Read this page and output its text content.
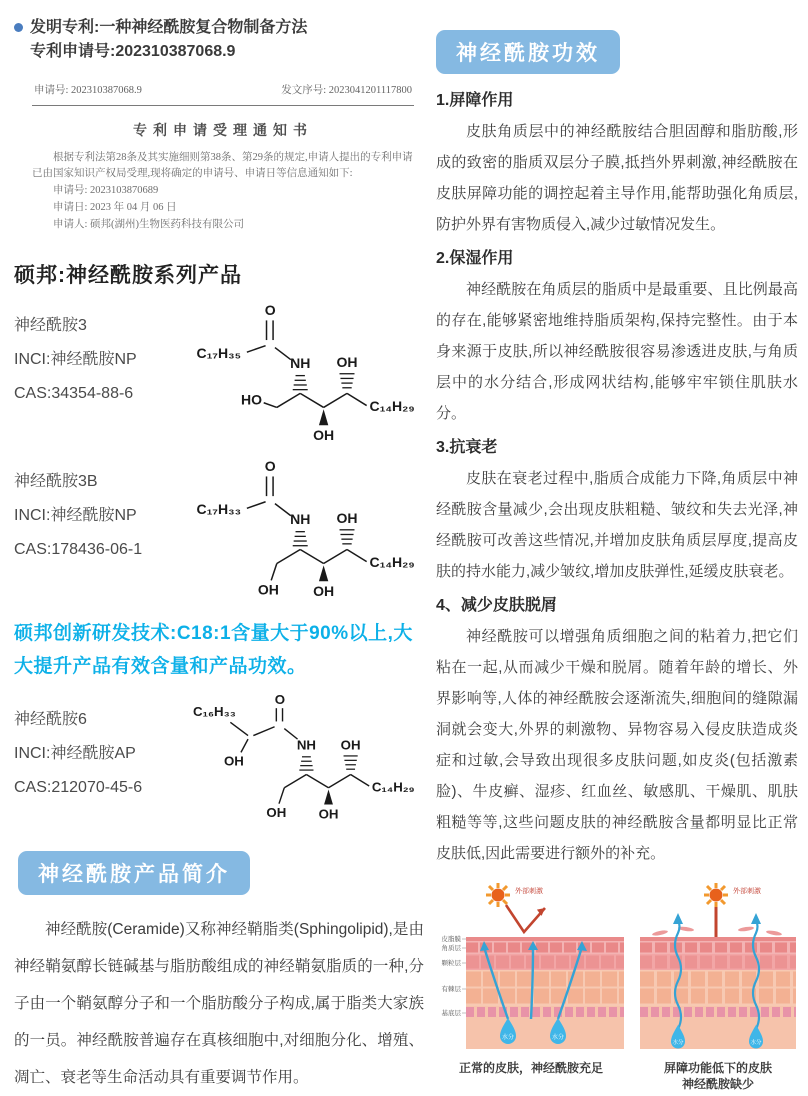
发明专利:一种神经酰胺复合物制备方法
专利申请号:202310387068.9
申请号: 202310387068.9	发文序号: 2023041201117800
专利申请受理通知书
根据专利法第28条及其实施细则第38条、第29条的规定,申请人提出的专利申请已由国家知识产权局受理,现将确定的申请号、申请日等信息通知如下:
申请号: 2023103870689
申请日: 2023 年 04 月 06 日
申请人: 硕邦(湖州)生物医药科技有限公司
硕邦:神经酰胺系列产品
神经酰胺3
INCI:神经酰胺NP
CAS:34354-88-6
O
C₁₇H₃₅
NH
HO
OH
OH
C₁₄H₂₉
神经酰胺3B
INCI:神经酰胺NP
CAS:178436-06-1
O
C₁₇H₃₃
NH
OH OH
OH
C₁₄H₂₉
硕邦创新研发技术:C18:1含量大于90%以上,大大提升产品有效含量和产品功效。
神经酰胺6
INCI:神经酰胺AP
CAS:212070-45-6
C₁₆H₃₃
OH
O
NH
OH OH
OH
C₁₄H₂₉
神经酰胺产品简介
神经酰胺(Ceramide)又称神经鞘脂类(Sphingolipid),是由神经鞘氨醇长链碱基与脂肪酸组成的神经鞘氨脂质的一种,分子由一个鞘氨醇分子和一个脂肪酸分子构成,属于脂类大家族的一员。神经酰胺普遍存在真核细胞中,对细胞分化、增殖、凋亡、衰老等生命活动具有重要调节作用。
神经酰胺功效
1.屏障作用
皮肤角质层中的神经酰胺结合胆固醇和脂肪酸,形成的致密的脂质双层分子膜,抵挡外界刺激,神经酰胺在皮肤屏障功能的调控起着主导作用,能帮助强化角质层,防护外界有害物质侵入,减少过敏情况发生。
2.保湿作用
神经酰胺在角质层的脂质中是最重要、且比例最高的存在,能够紧密地维持脂质架构,保持完整性。由于本身来源于皮肤,所以神经酰胺很容易渗透进皮肤,与角质层中的水分结合,形成网状结构,能够牢牢锁住肌肤水分。
3.抗衰老
皮肤在衰老过程中,脂质合成能力下降,角质层中神经酰胺含量减少,会出现皮肤粗糙、皱纹和失去光泽,神经酰胺可改善这些情况,并增加皮肤角质层厚度,提高皮肤的持水能力,减少皱纹,增加皮肤弹性,延缓皮肤衰老。
4、减少皮肤脱屑
神经酰胺可以增强角质细胞之间的粘着力,把它们粘在一起,从而减少干燥和脱屑。随着年龄的增长、外界影响等,人体的神经酰胺会逐渐流失,细胞间的缝隙漏洞就会变大,外界的刺激物、异物容易入侵皮肤造成炎症和过敏,会导致出现很多皮肤问题,如皮炎(包括激素脸)、牛皮癣、湿疹、红血丝、敏感肌、干燥肌、肌肤粗糙等等,这些问题皮肤的神经酰胺含量都明显比正常皮肤低,因此需要进行额外的补充。
外部刺激
皮脂膜
角质层
颗粒层
有棘层
基底层
水分	水分
正常的皮肤，神经酰胺充足
外部刺激
水分	水分
屏障功能低下的皮肤
神经酰胺缺少
